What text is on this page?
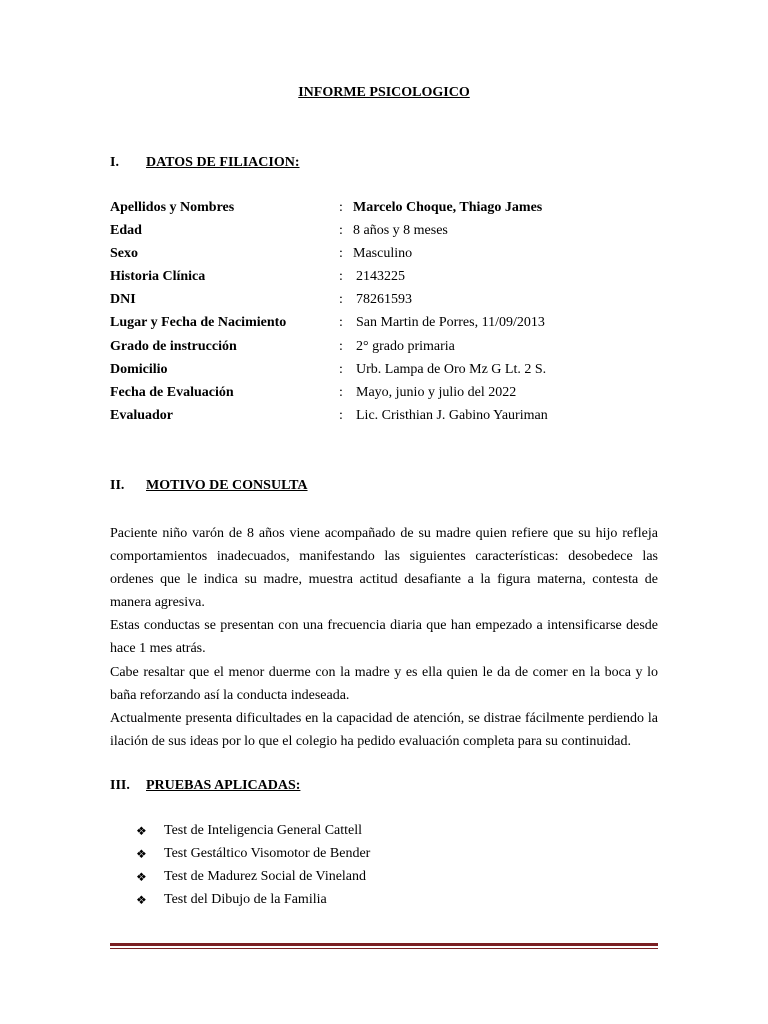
INFORME PSICOLOGICO
I. DATOS DE FILIACION:
Apellidos y Nombres	: Marcelo Choque, Thiago James
Edad	: 8 años y 8 meses
Sexo	: Masculino
Historia Clínica	: 2143225
DNI	: 78261593
Lugar y Fecha de Nacimiento	: San Martin de Porres, 11/09/2013
Grado de instrucción	: 2° grado primaria
Domicilio	: Urb. Lampa de Oro Mz G Lt. 2 S.
Fecha de Evaluación	: Mayo, junio y julio del 2022
Evaluador	: Lic. Cristhian J. Gabino Yauriman
II. MOTIVO DE CONSULTA

Paciente niño varón de 8 años viene acompañado de su madre quien refiere que su hijo refleja comportamientos inadecuados, manifestando las siguientes características: desobedece las ordenes que le indica su madre, muestra actitud desafiante a la figura materna, contesta de manera agresiva.

Estas conductas se presentan con una frecuencia diaria que han empezado a intensificarse desde hace 1 mes atrás.

Cabe resaltar que el menor duerme con la madre y es ella quien le da de comer en la boca y lo baña reforzando así la conducta indeseada.

Actualmente presenta dificultades en la capacidad de atención, se distrae fácilmente perdiendo la ilación de sus ideas por lo que el colegio ha pedido evaluación completa para su continuidad.

III. PRUEBAS APLICADAS:
❖	Test de Inteligencia General Cattell
❖	Test Gestáltico Visomotor de Bender
❖	Test de Madurez Social de Vineland
❖	Test del Dibujo de la Familia
